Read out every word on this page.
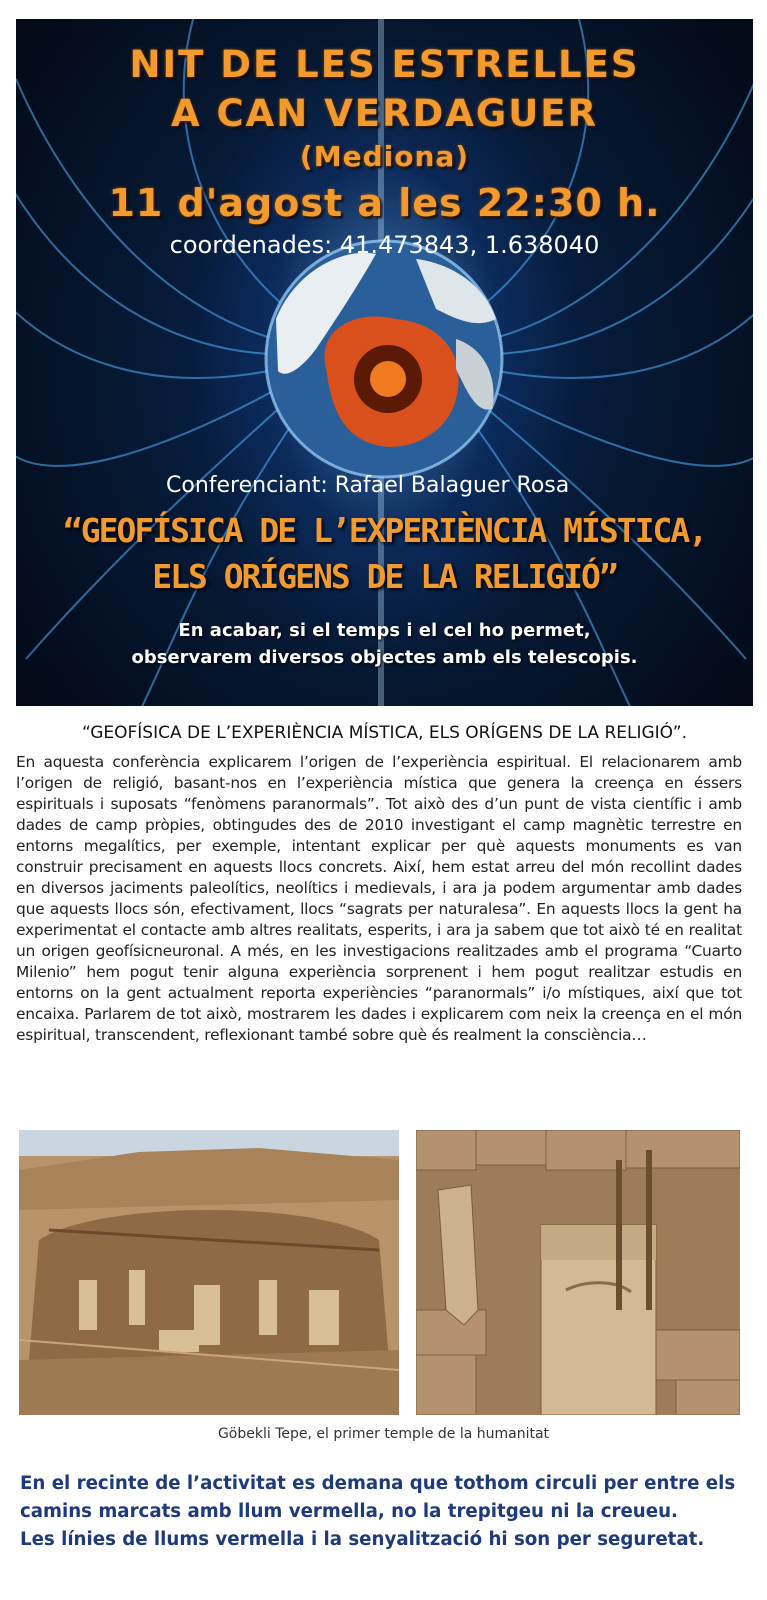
NIT DE LES ESTRELLES
A CAN VERDAGUER
(Mediona)
11 d'agost a les 22:30 h.
coordenades: 41.473843, 1.638040
Conferenciant: Rafael Balaguer Rosa
“GEOFÍSICA DE L’EXPERIÈNCIA MÍSTICA,
ELS ORÍGENS DE LA RELIGIÓ”
En acabar, si el temps i el cel ho permet,
observarem diversos objectes amb els telescopis.
“GEOFÍSICA DE L’EXPERIÈNCIA MÍSTICA, ELS ORÍGENS DE LA RELIGIÓ”.
En aquesta conferència explicarem l’origen de l’experiència espiritual. El relacionarem amb l’origen de religió, basant-nos en l’experiència mística que genera la creença en éssers espirituals i suposats “fenòmens paranormals”. Tot això des d’un punt de vista científic i amb dades de camp pròpies, obtingudes des de 2010 investigant el camp magnètic terrestre en entorns megalítics, per exemple, intentant explicar per què aquests monuments es van construir precisament en aquests llocs concrets. Així, hem estat arreu del món recollint dades en diversos jaciments paleolítics, neolítics i medievals, i ara ja podem argumentar amb dades que aquests llocs són, efectivament, llocs “sagrats per naturalesa”. En aquests llocs la gent ha experimentat el contacte amb altres realitats, esperits, i ara ja sabem que tot això té en realitat un origen geofísicneuronal. A més, en les investigacions realitzades amb el programa “Cuarto Milenio” hem pogut tenir alguna experiència sorprenent i hem pogut realitzar estudis en entorns on la gent actualment reporta experiències “paranormals” i/o místiques, així que tot encaixa. Parlarem de tot això, mostrarem les dades i explicarem com neix la creença en el món espiritual, transcendent, reflexionant també sobre què és realment la consciència…
Göbekli Tepe, el primer temple de la humanitat
En el recinte de l’activitat es demana que tothom circuli per entre els
camins marcats amb llum vermella, no la trepitgeu ni la creueu.
Les línies de llums vermella i la senyalització hi son per seguretat.
